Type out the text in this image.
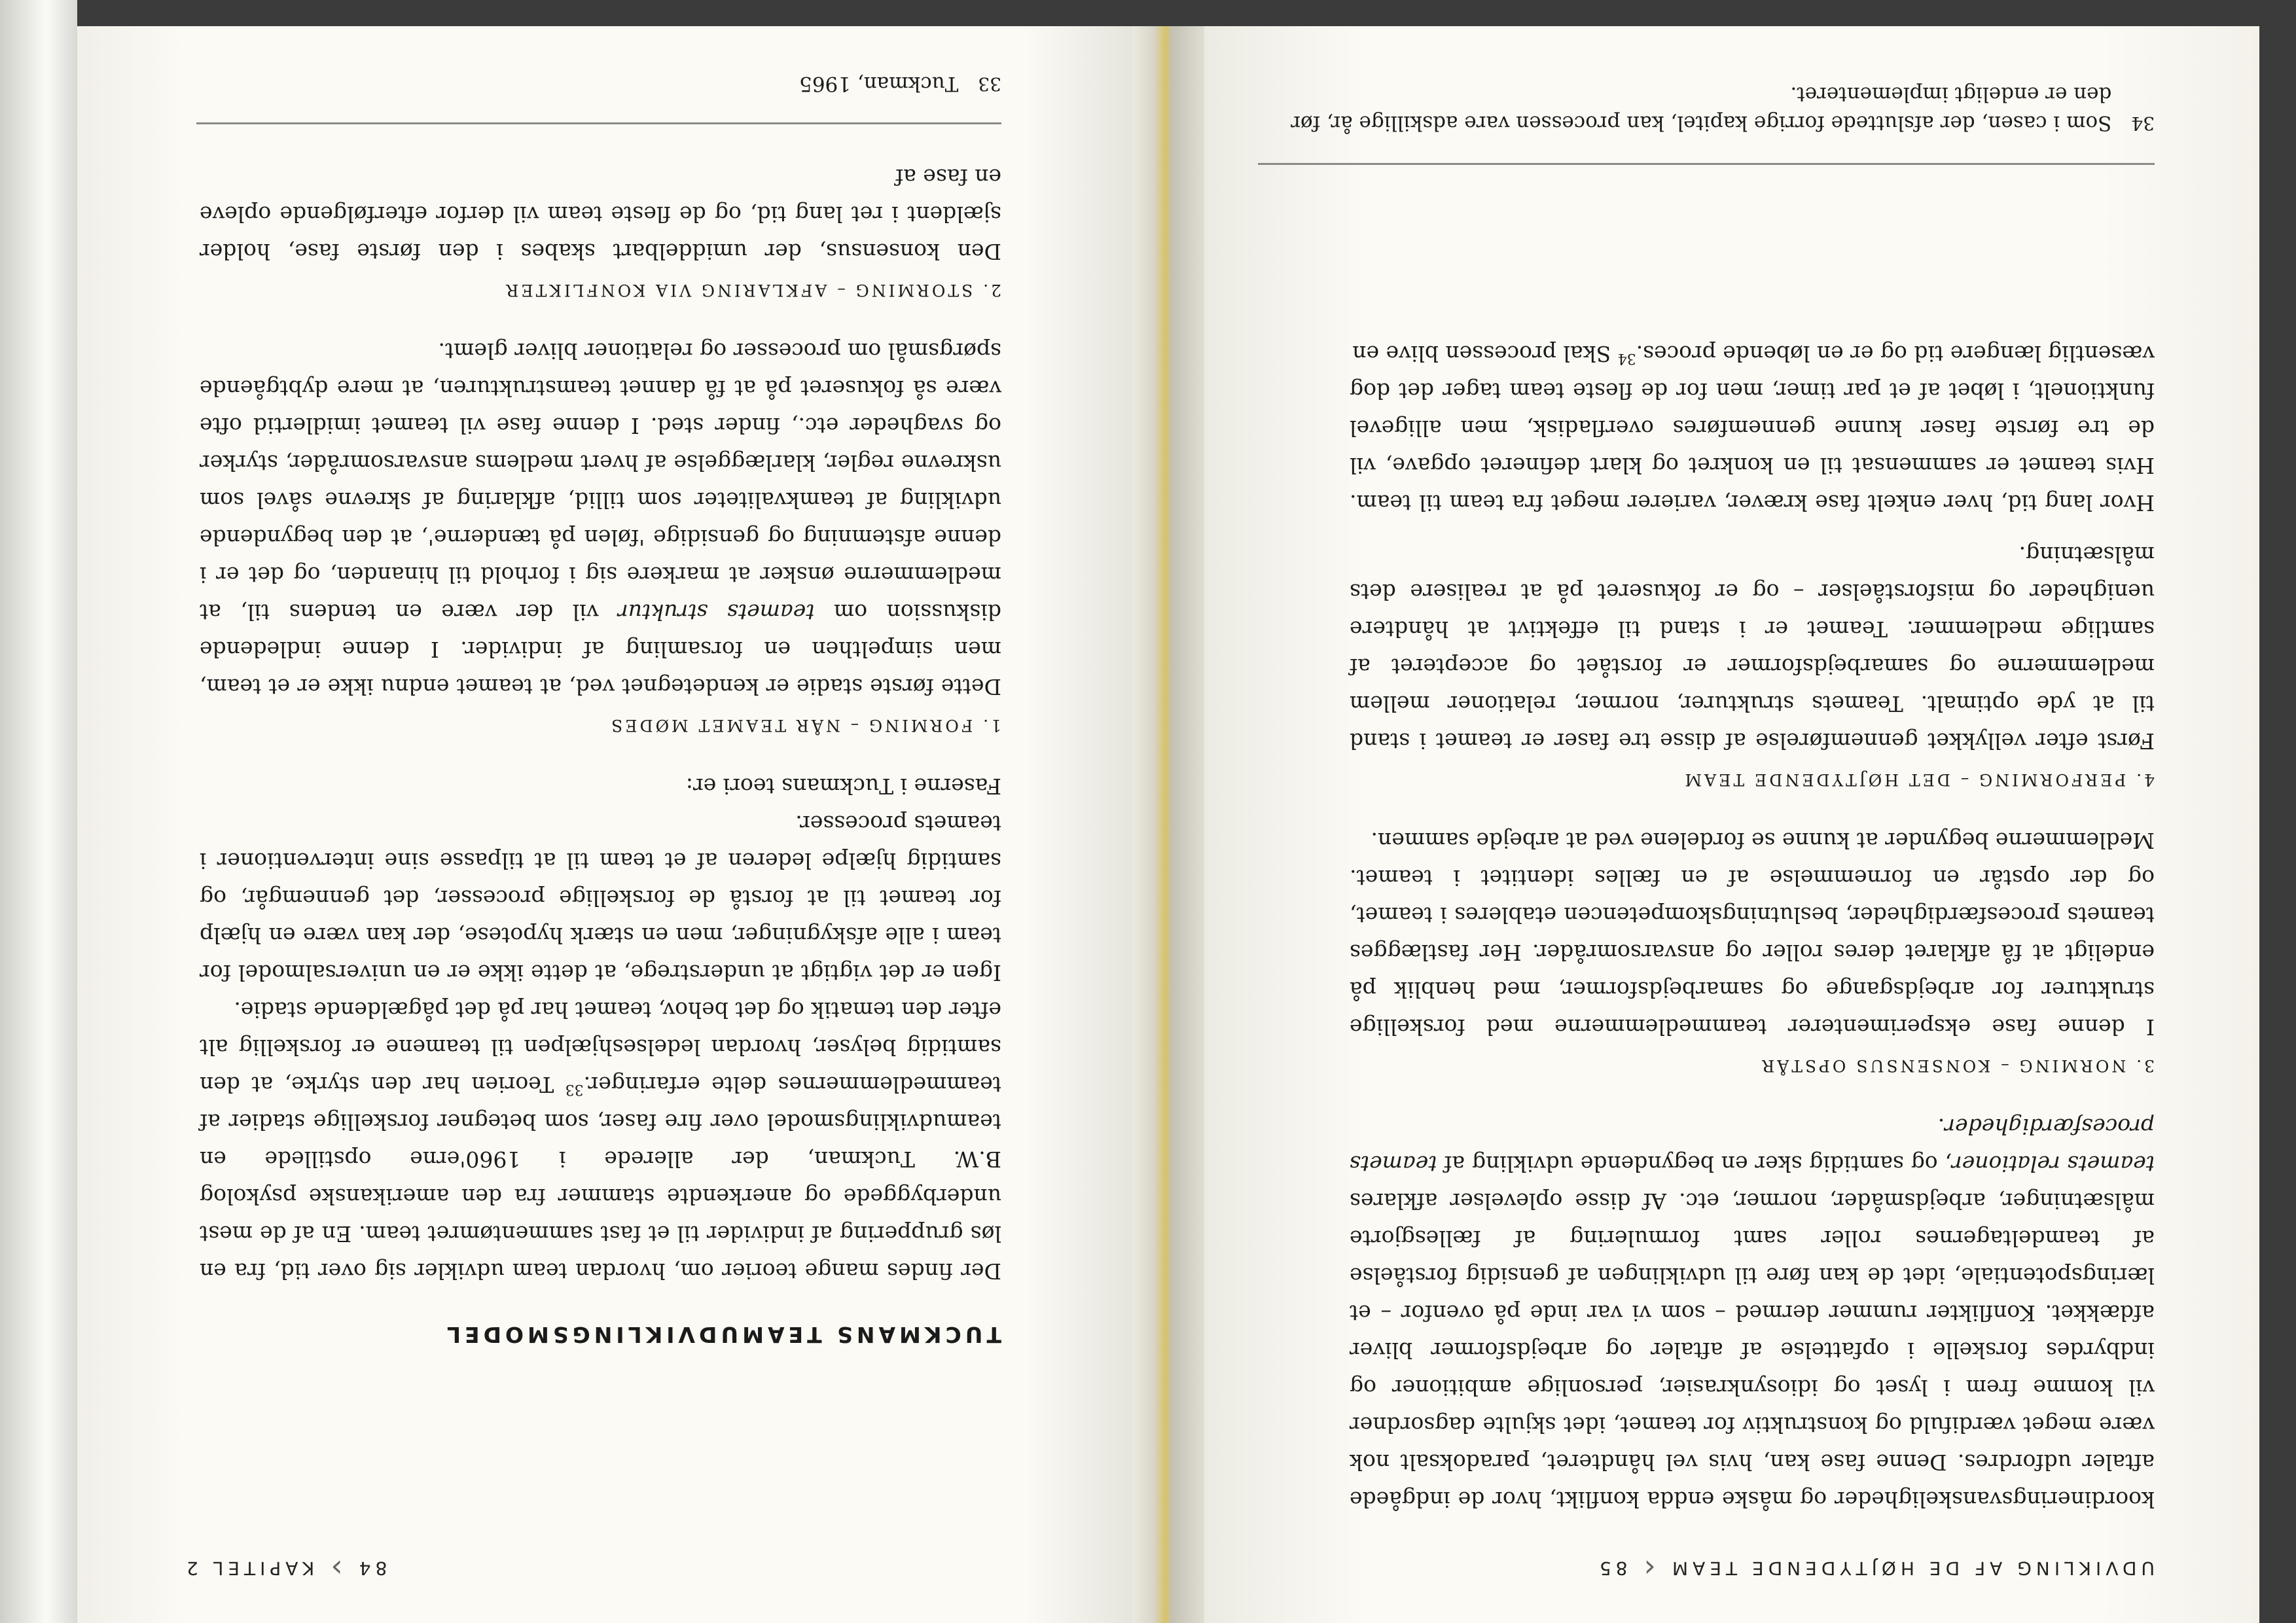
UDVIKLING AF DE HØJTYDENDE TEAM
‹
85

koordineringsvanskeligheder og måske endda konflikt, hvor de indgåede aftaler udfordres. Denne fase kan, hvis vel håndteret, paradoksalt nok være meget værdifuld og konstruktiv for teamet, idet skjulte dagsordner vil komme frem i lyset og idiosynkrasier, personlige ambitioner og indbyrdes forskelle i opfattelse af aftaler og arbejdsformer bliver afdækket. Konflikter rummer dermed – som vi var inde på ovenfor – et læringspotentiale, idet de kan føre til udviklingen af gensidig forståelse af teamdeltagernes roller samt formulering af fællesgjorte målsætninger, arbejdsmåder, normer, etc. Af disse oplevelser afklares teamets relationer, og samtidig sker en begyndende udvikling af teamets procesfærdigheder.

3. NORMING – KONSENSUS OPSTÅR

I denne fase eksperimenterer teammedlemmerne med forskellige strukturer for arbejdsgange og samarbejdsformer, med henblik på endeligt at få afklaret deres roller og ansvarsområder. Her fastlægges teamets procesfærdigheder, beslutningskompetencen etableres i teamet, og der opstår en fornemmelse af en fælles identitet i teamet. Medlemmerne begynder at kunne se fordelene ved at arbejde sammen.

4. PERFORMING – DET HØJTYDENDE TEAM

Først efter vellykket gennemførelse af disse tre faser er teamet i stand til at yde optimalt. Teamets strukturer, normer, relationer mellem medlemmerne og samarbejdsformer er forstået og accepteret af samtlige medlemmer. Teamet er i stand til effektivt at håndtere uenigheder og misforståelser – og er fokuseret på at realisere dets målsætning.

Hvor lang tid, hver enkelt fase kræver, varierer meget fra team til team. Hvis teamet er sammensat til en konkret og klart defineret opgave, vil de tre første faser kunne gennemføres overfladisk, men alligevel funktionelt, i løbet af et par timer, men for de fleste team tager det dog væsentlig længere tid og er en løbende proces.$^{34}$ Skal processen blive en

34
Som i casen, der afsluttede forrige kapitel, kan processen vare adskillige år, før den er endeligt implementeret.
84
›
KAPITEL 2
TUCKMANS TEAMUDVIKLINGSMODEL

Der findes mange teorier om, hvordan team udvikler sig over tid, fra en løs gruppering af individer til et fast sammentømret team. En af de mest underbyggede og anerkendte stammer fra den amerikanske psykolog B.W. Tuckman, der allerede i 1960'erne opstillede en teamudviklingsmodel over fire faser, som betegner forskellige stadier af teammedlemmernes delte erfaringer.$^{33}$ Teorien har den styrke, at den samtidig belyser, hvordan ledelseshjælpen til teamene er forskellig alt efter den tematik og det behov, teamet har på det pågældende stadie.

Igen er det vigtigt at understrege, at dette ikke er en universalmodel for team i alle afskygninger, men en stærk hypotese, der kan være en hjælp for teamet til at forstå de forskellige processer, det gennemgår, og samtidig hjælpe lederen af et team til at tilpasse sine interventioner i teamets processer.

Faserne i Tuckmans teori er:

1. FORMING – NÅR TEAMET MØDES

Dette første stadie er kendetegnet ved, at teamet endnu ikke er et team, men simpelthen en forsamling af individer. I denne indledende diskussion om teamets struktur vil der være en tendens til, at medlemmerne ønsker at markere sig i forhold til hinanden, og det er i denne afstemning og gensidige 'følen på tænderne', at den begyndende udvikling af teamkvaliteter som tillid, afklaring af skrevne såvel som uskrevne regler, klarlæggelse af hvert medlems ansvarsområder, styrker og svagheder etc., finder sted. I denne fase vil teamet imidlertid ofte være så fokuseret på at få dannet teamstrukturen, at mere dybtgående spørgsmål om processer og relationer bliver glemt.

2. STORMING – AFKLARING VIA KONFLIKTER

Den konsensus, der umiddelbart skabes i den første fase, holder sjældent i ret lang tid, og de fleste team vil derfor efterfølgende opleve en fase af

33
Tuckman, 1965
